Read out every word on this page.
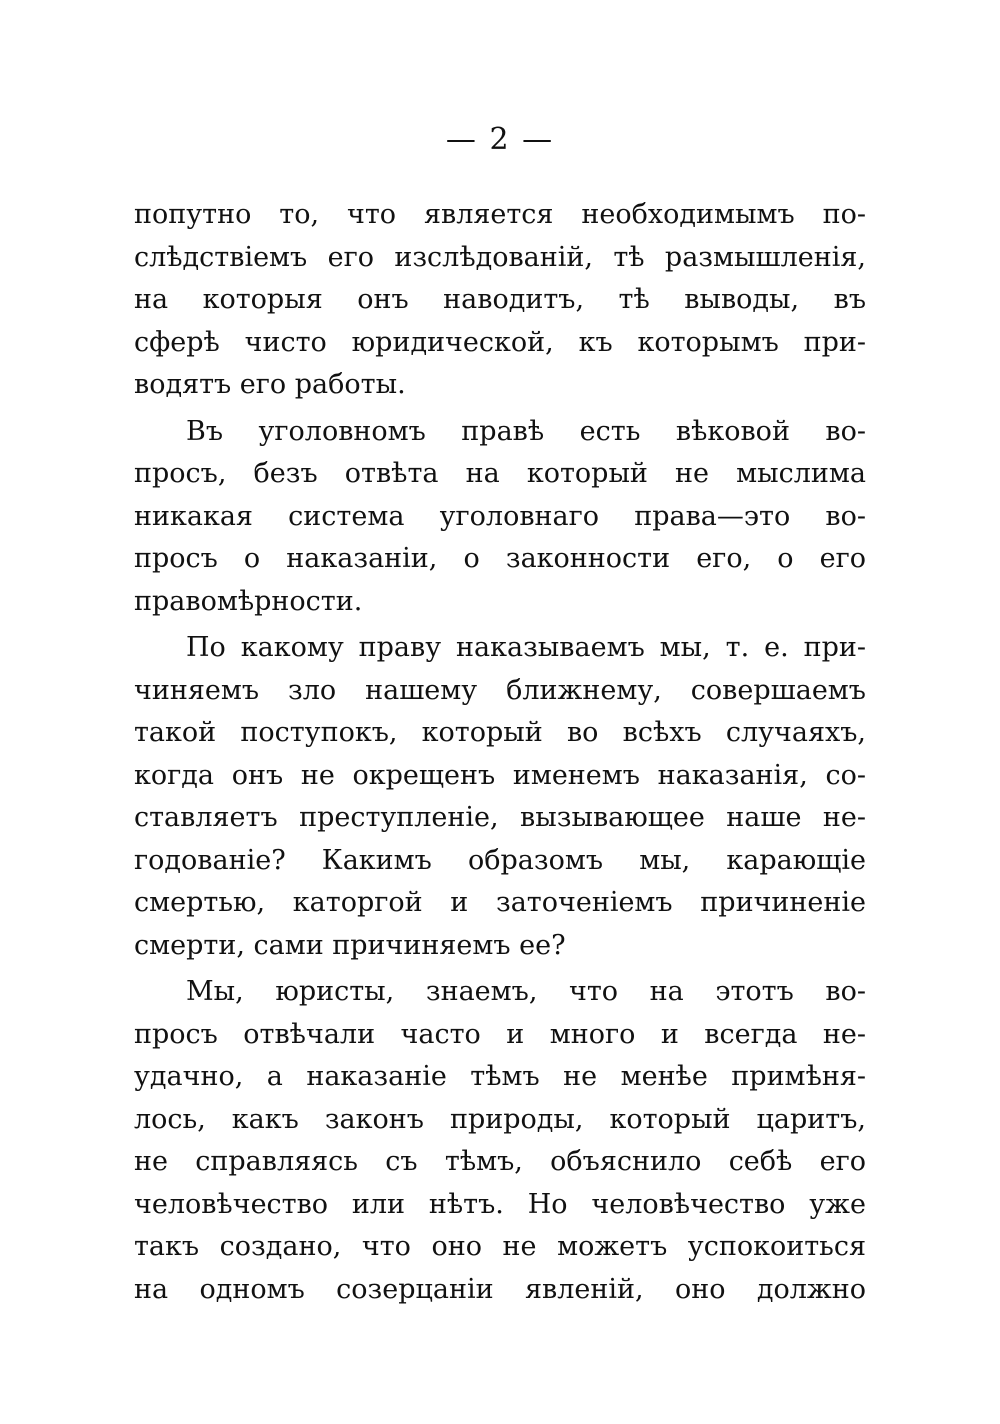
— 2 —
попутно то, что является необходимымъ по-
слѣдствіемъ его изслѣдованій, тѣ размышленія,
на которыя онъ наводитъ, тѣ выводы, въ
сферѣ чисто юридической, къ которымъ при-
водятъ его работы.
Въ уголовномъ правѣ есть вѣковой во-
просъ, безъ отвѣта на который не мыслима
никакая система уголовнаго права—это во-
просъ о наказаніи, о законности его, о его
правомѣрности.
По какому праву наказываемъ мы, т. е. при-
чиняемъ зло нашему ближнему, совершаемъ
такой поступокъ, который во всѣхъ случаяхъ,
когда онъ не окрещенъ именемъ наказанія, со-
ставляетъ преступленіе, вызывающее наше не-
годованіе? Какимъ образомъ мы, карающіе
смертью, каторгой и заточеніемъ причиненіе
смерти, сами причиняемъ ее?
Мы, юристы, знаемъ, что на этотъ во-
просъ отвѣчали часто и много и всегда не-
удачно, а наказаніе тѣмъ не менѣе примѣня-
лось, какъ законъ природы, который царитъ,
не справляясь съ тѣмъ, объяснило себѣ его
человѣчество или нѣтъ. Но человѣчество уже
такъ создано, что оно не можетъ успокоиться
на одномъ созерцаніи явленій, оно должно
